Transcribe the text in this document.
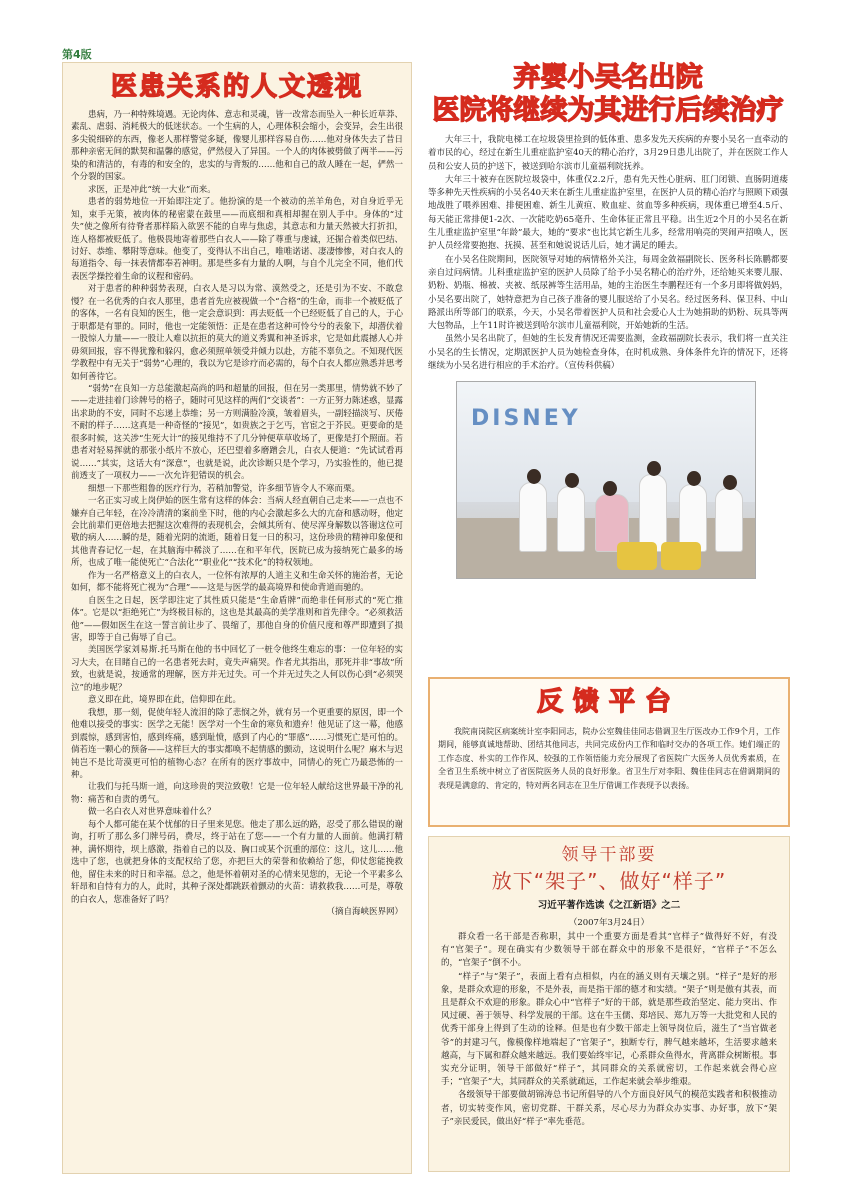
第4版
医患关系的人文透视

患病，乃一种特殊境遇。无论肉体、意志和灵魂，皆一改常态而坠入一种长近草莽、素乱、虐弱、消耗极大的低迷状态。一个生病的人，心理体积会缩小，会变异，会生出很多尖锐细碎的东西，像老人那样警觉多疑，像婴儿那样容易自伤……他对身体失去了昔日那种亲密无间的默契和温馨的感觉，俨然侵入了异国。一个人的肉体被劈做了两半——污染的和清洁的，有毒的和安全的，忠实的与背叛的……他和自己的敌人睡在一起，俨然一个分裂的国家。

求医，正是冲此“统一大业”而来。

患者的弱势地位一开始即注定了。他扮演的是一个被动的羔羊角色，对自身近乎无知，束手无策，被肉体的秘密蒙在鼓里——而底细和真相却握在别人手中。身体的“过失”使之像所有待脊者那样陷入欲罢不能的自卑与焦虑，其意志和力量天然被大打折扣，连人格都被贬低了。他极畏地寄着那些白衣人——除了尊重与虔诚，还掘合着类似巴结、讨好、恭维、攀附等意味。他变了，变得认不出自己，唯唯诺诺、凄凄惨惨，对白衣人的每道指令、每一抹表情都奉若神明。那是些多有力量的人啊，与自个儿完全不同，他们代表医学操控着生命的议程和密码。

对于患者的种种弱势表现，白衣人是习以为常、漠然受之，还是引为不安、不敢怠慢？在一名优秀的白衣人那里，患者首先应被视做一个“合格”的生命，而非一个被贬低了的客体，一名有良知的医生，他一定会意识到：再去贬低一个已经贬低了自己的人，于心于职都是有罪的。同时，他也一定能领悟：正是在患者这种可怜兮兮的表象下，却潜伏着一股惊人力量——一股让人难以抗拒的莫大的道义秀翼和神圣诉求，它是如此震撼人心并毋须回报，容不得犹豫和躲闪，愈必须照单领受并倾力以赴，方能不辜负之。不知现代医学教程中有无关于“弱势”心理的，我以为它是诊疗而必需的，每个白衣人都应熟悉并思考如何善待它。

“弱势”在良知一方总能激起高尚的吗和超量的回报，但在另一类那里，情势就不妙了——走进挂着门诊牌号的格子，随时可见这样的两们“交谈者”：一方正努力陈述惑，显露出求助的不安，同时不忘递上恭维；另一方则满脸冷漠，皱着眉头，一副轻描淡写、厌倦不耐的样子……这真是一种奇怪的“接见”，如贵族之于乞丐，官宦之于芥民。更要命的是很多时候，这关涉“生死大计”的接见维持不了几分钟便草草收场了，更像是打个照面。若患者对轻易挥就的那张小纸片不放心，还巴望着多磨蹭会儿，白衣人便道：“先试试看再说……”其实，这话大有“深意”，也就是说，此次诊断只是个学习，乃实验性的，他已提前透支了一项权力——一次允许犯错误的机会。

细想一下那些粗鲁的医疗行为，若稍加警觉，许多细节皆令人不寒而栗。

一名正实习或上岗伊始的医生常有这样的体会：当病人经直朝自己走来——一点也不嫌弃自己年轻，在冷冷清清的案前坐下时，他的内心会激起多么大的亢奋和感动呀，他定会比前辈们更倍地去把握这次难得的表现机会，会倾其所有、使尽浑身解数以答谢这位可敬的病人……瞬的是，随着光阴的流逝，随着日复一日的积习，这份珍贵的精神印象便和其他青春记忆一起，在其脑海中稀淡了……在和平年代，医院已成为接纳死亡最多的场所，也成了唯一能使死亡“合法化”“职业化”“技术化”的特权领地。

作为一名严格意义上的白衣人，一位怀有浓厚的人道主义和生命关怀的施治者，无论如何，都不能将死亡视为“合理”——这是与医学的最高境界和使命背道而驰的。

自医生之日起，医学即注定了其性质只能是“生命盾牌”而绝非任何形式的“死亡推体”。它是以“拒绝死亡”为终极目标的，这也是其最高的美学准则和首先律令。“必须救活他”——假如医生在这一誓言前让步了、畏缩了，那他自身的价值尺度和尊严即遭到了损害，即等于自己侮辱了自己。

美国医学家刘易斯.托马斯在他的书中回忆了一桩令他终生难忘的事：一位年轻的实习大夫，在目睹自己的一名患者死去时，竟失声痛哭。作者尤其指出，那死并非“事故”所致，也就是说，按通常的理解，医方并无过失。可一个并无过失之人何以伤心到“必须哭泣”的地步呢？

意义即在此，境界即在此，信仰即在此。

我想，那一刻，促使年轻人流泪的除了悲悯之外，就有另一个更重要的原因，即一个他难以接受的事实：医学之无能！医学对一个生命的寒负和遗弃！他见证了这一幕，他感到震惊，感到害怕，感到疼痛，感到耻愤，感到了内心的“罪感”……习惯死亡是可怕的。倘若连一颗心的预备——这样巨大的事实都唤不起情感的颤动，这说明什么呢？麻木与迟钝岂不是比苛漠更可怕的植物心态？在所有的医疗事故中，同情心的死亡乃最恐怖的一种。

让我们与托马斯一道，向这珍贵的哭泣致敬！它是一位年轻人献给这世界最干净的礼物：痛苦和自责的勇气。

做一名白衣人对世界意味着什么？

每个人都可能在某个忧郁的日子里来见您。他走了那么远的路，忍受了那么错误的谢询，打听了那么多门牌号码，费尽，终于站在了您——一个有力量的人面前。他满打精神，满怀期待，坝上感激，指着自己的以及、胸口或某个沉重的部位：这儿，这儿……他选中了您，也就把身体的支配权给了您，亦把巨大的荣誉和依赖给了您，仰仗您能挽救他，留住未来的时日和幸福。总之，他是怀着朝对圣的心情来见您的，无论一个平素多么轩昂和自恃有力的人，此时，其种子深处都跳跃着颤动的火苗：请救救我……可是，尊敬的白衣人，您准备好了吗？

（摘自海峡医界网）

弃婴小吴名出院
医院将继续为其进行后续治疗

大年三十，我院电梯工在垃圾袋里捡到的低体重、患多发先天疾病的弃婴小吴名一直牵动的着市民的心，经过在新生儿重症监护室40天的精心治疗，3月29日患儿出院了，并在医院工作人员和公安人员的护送下，被送到哈尔滨市儿童福利院抚养。

大年三十被弃在医院垃圾袋中，体重仅2.2斤，患有先天性心脏病、肛门闭锁、直肠阴道瘘等多种先天性疾病的小吴名40天来在新生儿重症监护室里，在医护人员的精心治疗与照顾下顽强地战胜了喂养困难、排便困难、新生儿黄疸、败血症、贫血等多种疾病，现体重已增至4.5斤、每天能正常排便1-2次、一次能吃奶65毫升、生命体征正常且平稳。出生近2个月的小吴名在新生儿重症监护室里“年龄”最大，她的“要求”也比其它新生儿多，经常用响亮的哭闹声招唤人，医护人员经常要抱抱、抚摸、甚至和她说说话儿后，她才满足的睡去。

在小吴名住院期间，医院领导对她的病情格外关注，每周金敛福副院长、医务科长陈鹏都要亲自过问病情。儿科重症监护室的医护人员除了给予小吴名精心的治疗外，还给她买来婴儿服、奶粉、奶瓶、棉被、夹被、纸尿裤等生活用品，她的主治医生李鹏程还有一个多月即将做妈妈，小吴名要出院了，她特意把为自己孩子准备的婴儿服送给了小吴名。经过医务科、保卫科、中山路派出所等部门的联系，今天，小吴名带着医护人员和社会爱心人士为她捐助的奶粉、玩具等两大包物品，上午11时许被送到哈尔滨市儿童福利院，开始她新的生活。

虽然小吴名出院了，但她的生长发育情况还需要监测，金政福副院长表示，我们将一直关注小吴名的生长情况，定期派医护人员为她检查身体，在时机成熟、身体条件允许的情况下，还将继续为小吴名进行相应的手术治疗。（宣传科供稿）

DISNEY
反馈平台

我院南岗院区病案统计室李阳同志，院办公室魏佳佳同志借调卫生厅医改办工作9个月，工作期间，能够真诚地帮助、团结其他同志，共同完成份内工作和临时交办的各项工作。她们端正的工作态度、朴实的工作作风、较强的工作领悟能力充分展现了省医院广大医务人员优秀素质，在全省卫生系统中树立了省医院医务人员的良好形象。省卫生厅对李阳、魏佳佳同志在借调期间的表现是满意的、肯定的，特对两名同志在卫生厅借调工作表现予以表扬。

领导干部要
放下“架子”、做好“样子”
习近平著作选读《之江新语》之二
（2007年3月24日）

群众看一名干部是否称职，其中一个重要方面是看其“官样子”做得好不好，有没有“官架子”。现在确实有少数领导干部在群众中的形象不是很好，“官样子”不怎么的，“官架子”倒不小。

“样子”与“架子”，表面上看有点相似，内在的涵义则有天壤之别。“样子”是好的形象，是群众欢迎的形象，不是外表，而是指干部的德才和实绩。“架子”则是傲有其表，而且是群众不欢迎的形象。群众心中“官样子”好的干部，就是那些政治坚定、能力突出、作风过硬、善于领导、科学发展的干部。这在牛玉儒、郑培民、郑九万等一大批党和人民的优秀干部身上得到了生动的诠释。但是也有少数干部走上领导岗位后，滋生了“当官做老爷”的封建习气，像模像样地端起了“官架子”，独断专行，脾气越来越坏，生活要求越来越高，与下属和群众越来越远。我们要始终牢记，心系群众鱼得水，背离群众树断根。事实充分证明，领导干部做好“样子”，其同群众的关系就密切，工作起来就会得心应手；“官架子”大，其同群众的关系就疏远，工作起来就会举步维艰。

各级领导干部要做胡锦涛总书记所倡导的八个方面良好风气的模范实践者和积极推动者，切实转变作风，密切党群、干群关系，尽心尽力为群众办实事、办好事，放下“架子”亲民爱民，做出好“样子”率先垂范。
